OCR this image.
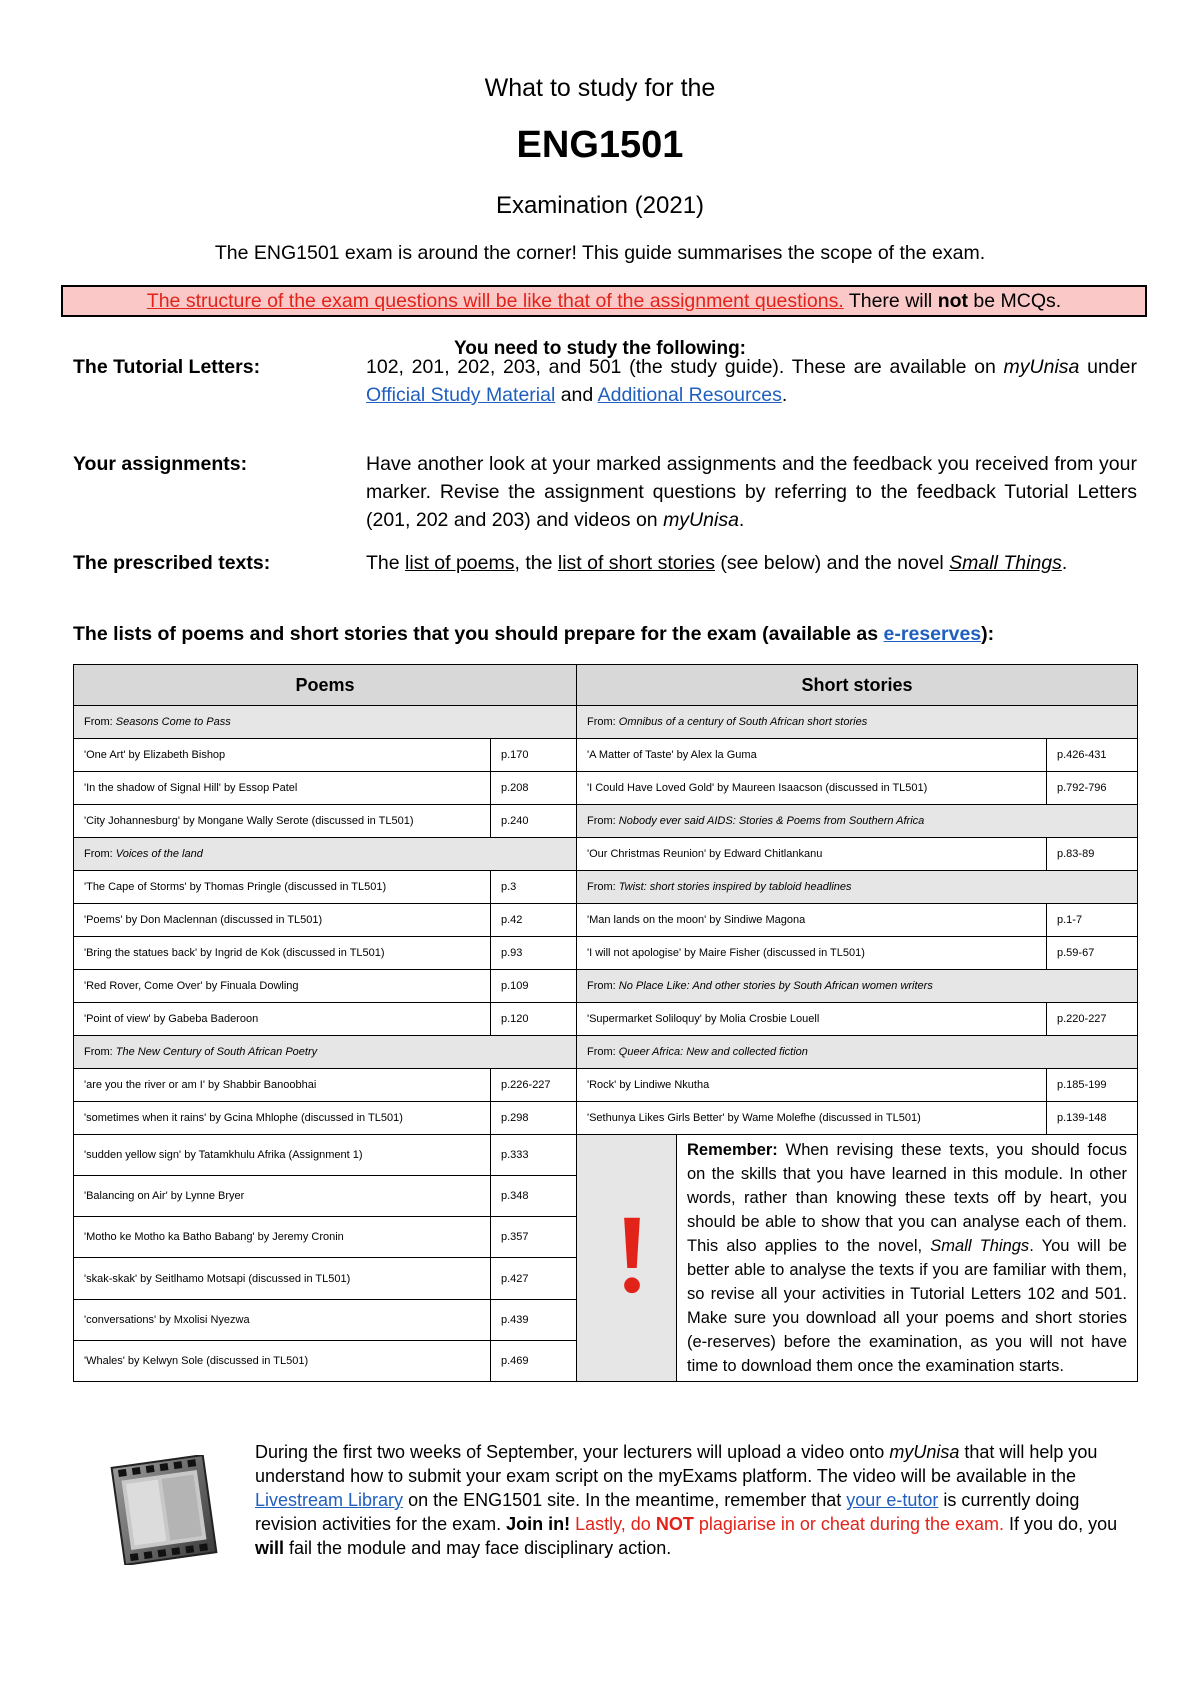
What to study for the
ENG1501
Examination (2021)
The ENG1501 exam is around the corner! This guide summarises the scope of the exam.
The structure of the exam questions will be like that of the assignment questions. There will not be MCQs.
You need to study the following:
The Tutorial Letters:	102, 201, 202, 203, and 501 (the study guide). These are available on myUnisa under Official Study Material and Additional Resources.
Your assignments:	Have another look at your marked assignments and the feedback you received from your marker. Revise the assignment questions by referring to the feedback Tutorial Letters (201, 202 and 203) and videos on myUnisa.
The prescribed texts:	The list of poems, the list of short stories (see below) and the novel Small Things.
The lists of poems and short stories that you should prepare for the exam (available as e-reserves):
Poems		Short stories		
From: Seasons Come to Pass		From: Omnibus of a century of South African short stories		
'One Art' by Elizabeth Bishop	p.170	'A Matter of Taste' by Alex la Guma		p.426-431
'In the shadow of Signal Hill' by Essop Patel	p.208	'I Could Have Loved Gold' by Maureen Isaacson (discussed in TL501)		p.792-796
'City Johannesburg' by Mongane Wally Serote (discussed in TL501)	p.240	From: Nobody ever said AIDS: Stories & Poems from Southern Africa		
From: Voices of the land		'Our Christmas Reunion' by Edward Chitlankanu		p.83-89
'The Cape of Storms' by Thomas Pringle (discussed in TL501)	p.3	From: Twist: short stories inspired by tabloid headlines		
'Poems' by Don Maclennan (discussed in TL501)	p.42	'Man lands on the moon' by Sindiwe Magona		p.1-7
'Bring the statues back' by Ingrid de Kok (discussed in TL501)	p.93	'I will not apologise' by Maire Fisher (discussed in TL501)		p.59-67
'Red Rover, Come Over' by Finuala Dowling	p.109	From: No Place Like: And other stories by South African women writers		
'Point of view' by Gabeba Baderoon	p.120	'Supermarket Soliloquy' by Molia Crosbie Louell		p.220-227
From: The New Century of South African Poetry		From: Queer Africa: New and collected fiction		
'are you the river or am I' by Shabbir Banoobhai	p.226-227	'Rock' by Lindiwe Nkutha		p.185-199
'sometimes when it rains' by Gcina Mhlophe (discussed in TL501)	p.298	'Sethunya Likes Girls Better' by Wame Molefhe (discussed in TL501)		p.139-148
'sudden yellow sign' by Tatamkhulu Afrika (Assignment 1)	p.333		Remember: When revising these texts, you should focus on the skills that you have learned in this module. In other words, rather than knowing these texts off by heart, you should be able to show that you can analyse each of them. This also applies to the novel, Small Things. You will be better able to analyse the texts if you are familiar with them, so revise all your activities in Tutorial Letters 102 and 501. Make sure you download all your poems and short stories (e-reserves) before the examination, as you will not have time to download them once the examination starts.	
'Balancing on Air' by Lynne Bryer	p.348			
'Motho ke Motho ka Batho Babang' by Jeremy Cronin	p.357			
'skak-skak' by Seitlhamo Motsapi (discussed in TL501)	p.427			
'conversations' by Mxolisi Nyezwa	p.439			
'Whales' by Kelwyn Sole (discussed in TL501)	p.469			
During the first two weeks of September, your lecturers will upload a video onto myUnisa that will help you understand how to submit your exam script on the myExams platform. The video will be available in the Livestream Library on the ENG1501 site. In the meantime, remember that your e-tutor is currently doing revision activities for the exam. Join in! Lastly, do NOT plagiarise in or cheat during the exam. If you do, you will fail the module and may face disciplinary action.
